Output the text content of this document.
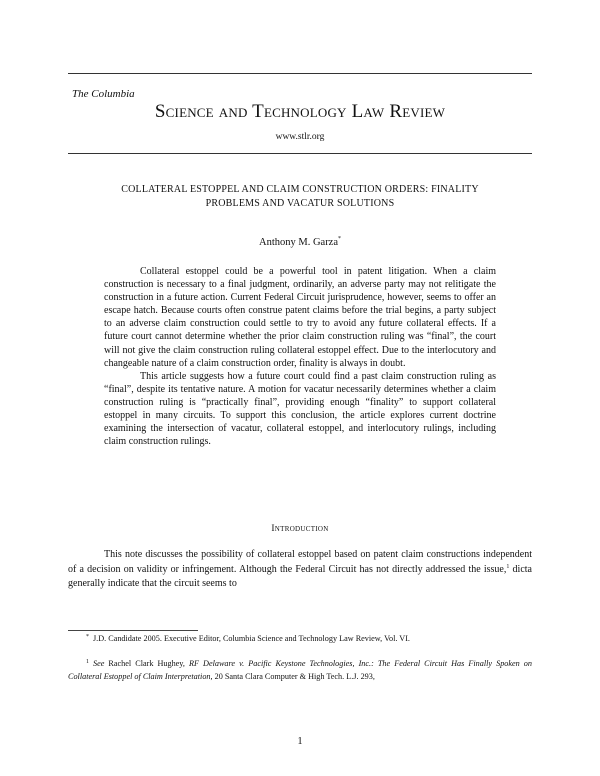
The Columbia
Science and Technology Law Review
www.stlr.org
COLLATERAL ESTOPPEL AND CLAIM CONSTRUCTION ORDERS: FINALITY
PROBLEMS AND VACATUR SOLUTIONS
Anthony M. Garza*

Collateral estoppel could be a powerful tool in patent litigation. When a claim construction is necessary to a final judgment, ordinarily, an adverse party may not relitigate the construction in a future action. Current Federal Circuit jurisprudence, however, seems to offer an escape hatch. Because courts often construe patent claims before the trial begins, a party subject to an adverse claim construction could settle to try to avoid any future collateral effects. If a future court cannot determine whether the prior claim construction ruling was “final”, the court will not give the claim construction ruling collateral estoppel effect. Due to the interlocutory and changeable nature of a claim construction order, finality is always in doubt.

This article suggests how a future court could find a past claim construction ruling as “final”, despite its tentative nature. A motion for vacatur necessarily determines whether a claim construction ruling is “practically final”, providing enough “finality” to support collateral estoppel in many circuits. To support this conclusion, the article explores current doctrine examining the intersection of vacatur, collateral estoppel, and interlocutory rulings, including claim construction rulings.

Introduction

This note discusses the possibility of collateral estoppel based on patent claim constructions independent of a decision on validity or infringement. Although the Federal Circuit has not directly addressed the issue,$^1$ dicta generally indicate that the circuit seems to

* J.D. Candidate 2005. Executive Editor, Columbia Science and Technology Law Review, Vol. VI.
$^1$ See Rachel Clark Hughey, RF Delaware v. Pacific Keystone Technologies, Inc.: The Federal Circuit Has Finally Spoken on Collateral Estoppel of Claim Interpretation, 20 Santa Clara Computer & High Tech. L.J. 293,
1
